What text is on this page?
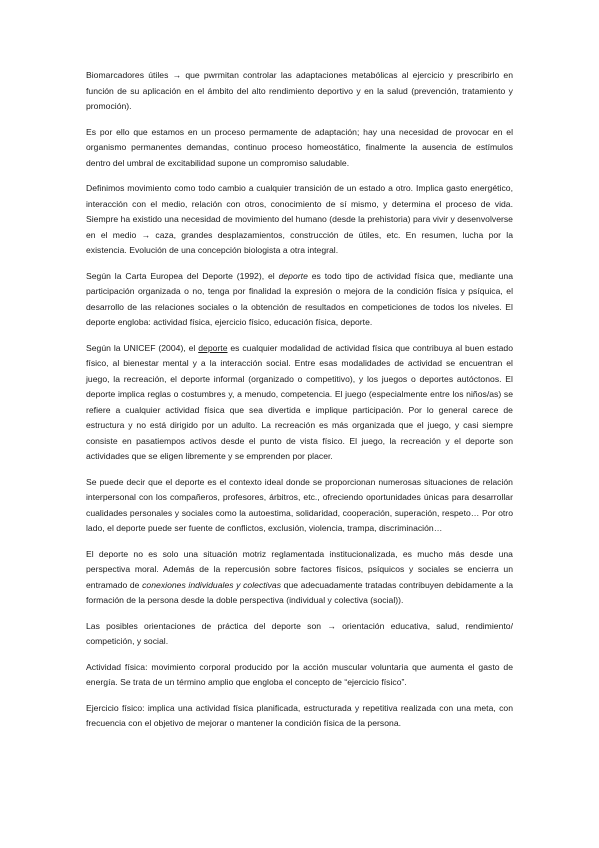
Biomarcadores útiles → que pwrmitan controlar las adaptaciones metabólicas al ejercicio y prescribirlo en función de su aplicación en el ámbito del alto rendimiento deportivo y en la salud (prevención, tratamiento y promoción).

Es por ello que estamos en un proceso permamente de adaptación; hay una necesidad de provocar en el organismo permanentes demandas, continuo proceso homeostático, finalmente la ausencia de estímulos dentro del umbral de excitabilidad supone un compromiso saludable.

Definimos movimiento como todo cambio a cualquier transición de un estado a otro. Implica gasto energético, interacción con el medio, relación con otros, conocimiento de sí mismo, y determina el proceso de vida. Siempre ha existido una necesidad de movimiento del humano (desde la prehistoria) para vivir y desenvolverse en el medio → caza, grandes desplazamientos, construcción de útiles, etc. En resumen, lucha por la existencia. Evolución de una concepción biologista a otra integral.

Según la Carta Europea del Deporte (1992), el deporte es todo tipo de actividad física que, mediante una participación organizada o no, tenga por finalidad la expresión o mejora de la condición física y psíquica, el desarrollo de las relaciones sociales o la obtención de resultados en competiciones de todos los niveles. El deporte engloba: actividad física, ejercicio físico, educación física, deporte.

Según la UNICEF (2004), el deporte es cualquier modalidad de actividad física que contribuya al buen estado físico, al bienestar mental y a la interacción social. Entre esas modalidades de actividad se encuentran el juego, la recreación, el deporte informal (organizado o competitivo), y los juegos o deportes autóctonos. El deporte implica reglas o costumbres y, a menudo, competencia. El juego (especialmente entre los niños/as) se refiere a cualquier actividad física que sea divertida e implique participación. Por lo general carece de estructura y no está dirigido por un adulto. La recreación es más organizada que el juego, y casi siempre consiste en pasatiempos activos desde el punto de vista físico. El juego, la recreación y el deporte son actividades que se eligen libremente y se emprenden por placer.

Se puede decir que el deporte es el contexto ideal donde se proporcionan numerosas situaciones de relación interpersonal con los compañeros, profesores, árbitros, etc., ofreciendo oportunidades únicas para desarrollar cualidades personales y sociales como la autoestima, solidaridad, cooperación, superación, respeto… Por otro lado, el deporte puede ser fuente de conflictos, exclusión, violencia, trampa, discriminación…

El deporte no es solo una situación motriz reglamentada institucionalizada, es mucho más desde una perspectiva moral. Además de la repercusión sobre factores físicos, psíquicos y sociales se encierra un entramado de conexiones individuales y colectivas que adecuadamente tratadas contribuyen debidamente a la formación de la persona desde la doble perspectiva (individual y colectiva (social)).

Las posibles orientaciones de práctica del deporte son → orientación educativa, salud, rendimiento/ competición, y social.

Actividad física: movimiento corporal producido por la acción muscular voluntaria que aumenta el gasto de energía. Se trata de un término amplio que engloba el concepto de “ejercicio físico”.

Ejercicio físico: implica una actividad física planificada, estructurada y repetitiva realizada con una meta, con frecuencia con el objetivo de mejorar o mantener la condición física de la persona.
